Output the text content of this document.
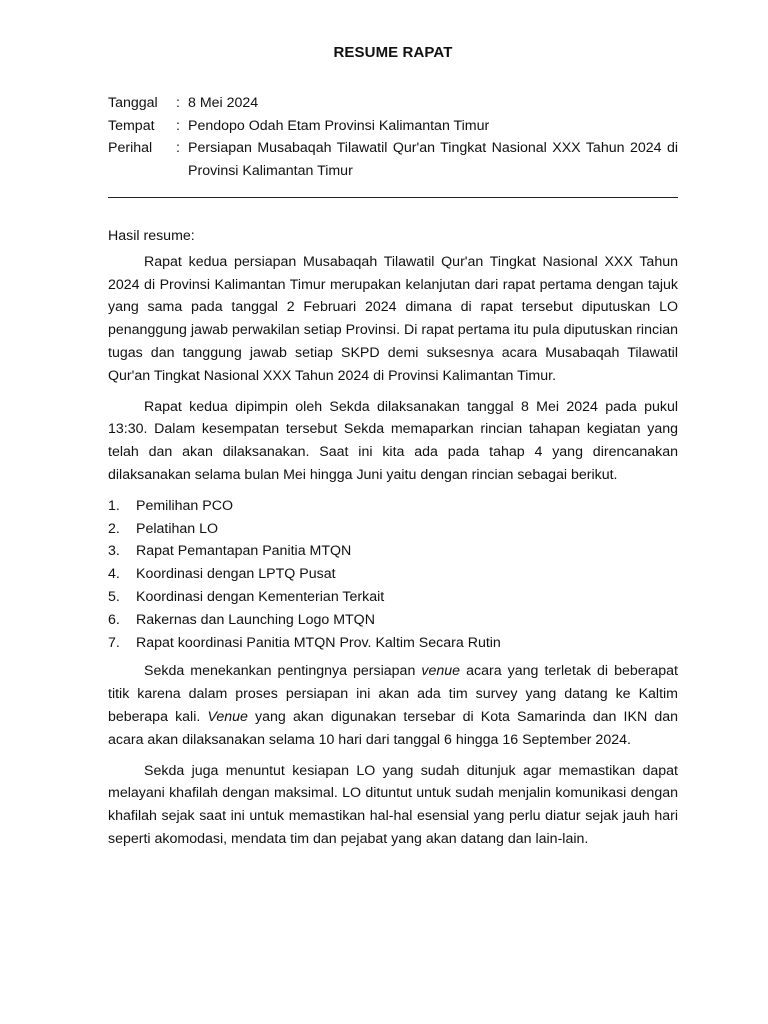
RESUME RAPAT
Tanggal	: 8 Mei 2024
Tempat	: Pendopo Odah Etam Provinsi Kalimantan Timur
Perihal	: Persiapan Musabaqah Tilawatil Qur'an Tingkat Nasional XXX Tahun 2024 di Provinsi Kalimantan Timur

Hasil resume:

Rapat kedua persiapan Musabaqah Tilawatil Qur'an Tingkat Nasional XXX Tahun 2024 di Provinsi Kalimantan Timur merupakan kelanjutan dari rapat pertama dengan tajuk yang sama pada tanggal 2 Februari 2024 dimana di rapat tersebut diputuskan LO penanggung jawab perwakilan setiap Provinsi. Di rapat pertama itu pula diputuskan rincian tugas dan tanggung jawab setiap SKPD demi suksesnya acara Musabaqah Tilawatil Qur'an Tingkat Nasional XXX Tahun 2024 di Provinsi Kalimantan Timur.

Rapat kedua dipimpin oleh Sekda dilaksanakan tanggal 8 Mei 2024 pada pukul 13:30. Dalam kesempatan tersebut Sekda memaparkan rincian tahapan kegiatan yang telah dan akan dilaksanakan. Saat ini kita ada pada tahap 4 yang direncanakan dilaksanakan selama bulan Mei hingga Juni yaitu dengan rincian sebagai berikut.

1.	Pemilihan PCO
2.	Pelatihan LO
3.	Rapat Pemantapan Panitia MTQN
4.	Koordinasi dengan LPTQ Pusat
5.	Koordinasi dengan Kementerian Terkait
6.	Rakernas dan Launching Logo MTQN
7.	Rapat koordinasi Panitia MTQN Prov. Kaltim Secara Rutin

Sekda menekankan pentingnya persiapan venue acara yang terletak di beberapat titik karena dalam proses persiapan ini akan ada tim survey yang datang ke Kaltim beberapa kali. Venue yang akan digunakan tersebar di Kota Samarinda dan IKN dan acara akan dilaksanakan selama 10 hari dari tanggal 6 hingga 16 September 2024.

Sekda juga menuntut kesiapan LO yang sudah ditunjuk agar memastikan dapat melayani khafilah dengan maksimal. LO dituntut untuk sudah menjalin komunikasi dengan khafilah sejak saat ini untuk memastikan hal-hal esensial yang perlu diatur sejak jauh hari seperti akomodasi, mendata tim dan pejabat yang akan datang dan lain-lain.
